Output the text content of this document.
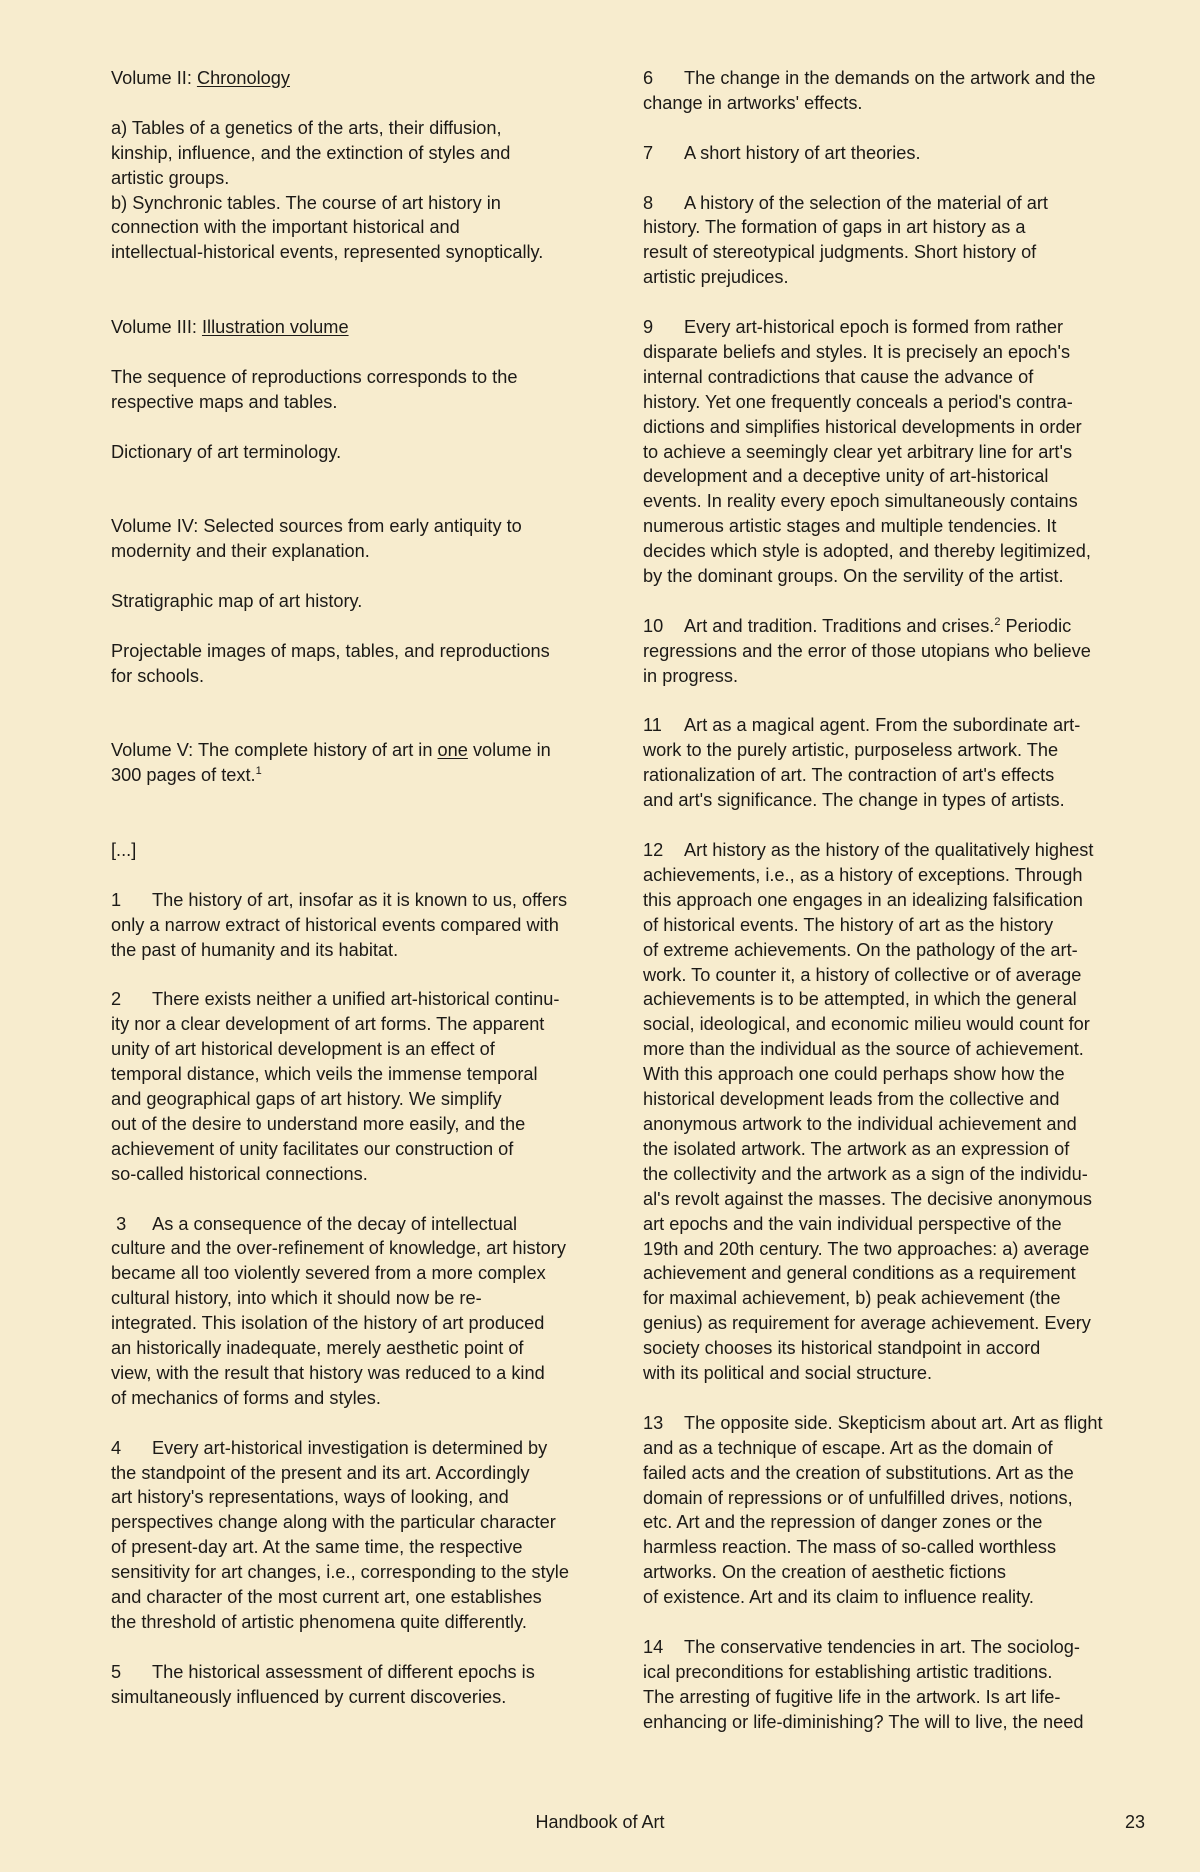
Volume II: Chronology

a) Tables of a genetics of the arts, their diffusion,
kinship, influence, and the extinction of styles and
artistic groups.

b) Synchronic tables. The course of art history in
connection with the important historical and
intellectual-historical events, represented synoptically.

Volume III: Illustration volume

The sequence of reproductions corresponds to the
respective maps and tables.

Dictionary of art terminology.

Volume IV: Selected sources from early antiquity to
modernity and their explanation.

Stratigraphic map of art history.

Projectable images of maps, tables, and reproductions
for schools.

Volume V: The complete history of art in one volume in
300 pages of text.$^1$

[...]

1 The history of art, insofar as it is known to us, offers
only a narrow extract of historical events compared with
the past of humanity and its habitat.

2 There exists neither a unified art-historical continu-
ity nor a clear development of art forms. The apparent
unity of art historical development is an effect of
temporal distance, which veils the immense temporal
and geographical gaps of art history. We simplify
out of the desire to understand more easily, and the
achievement of unity facilitates our construction of
so-called historical connections.

3 As a consequence of the decay of intellectual
culture and the over-refinement of knowledge, art history
became all too violently severed from a more complex
cultural history, into which it should now be re-
integrated. This isolation of the history of art produced
an historically inadequate, merely aesthetic point of
view, with the result that history was reduced to a kind
of mechanics of forms and styles.

4 Every art-historical investigation is determined by
the standpoint of the present and its art. Accordingly
art history's representations, ways of looking, and
perspectives change along with the particular character
of present-day art. At the same time, the respective
sensitivity for art changes, i.e., corresponding to the style
and character of the most current art, one establishes
the threshold of artistic phenomena quite differently.

5 The historical assessment of different epochs is
simultaneously influenced by current discoveries.

6 The change in the demands on the artwork and the
change in artworks' effects.

7 A short history of art theories.

8 A history of the selection of the material of art
history. The formation of gaps in art history as a
result of stereotypical judgments. Short history of
artistic prejudices.

9 Every art-historical epoch is formed from rather
disparate beliefs and styles. It is precisely an epoch's
internal contradictions that cause the advance of
history. Yet one frequently conceals a period's contra-
dictions and simplifies historical developments in order
to achieve a seemingly clear yet arbitrary line for art's
development and a deceptive unity of art-historical
events. In reality every epoch simultaneously contains
numerous artistic stages and multiple tendencies. It
decides which style is adopted, and thereby legitimized,
by the dominant groups. On the servility of the artist.

10 Art and tradition. Traditions and crises.$^2$ Periodic
regressions and the error of those utopians who believe
in progress.

11 Art as a magical agent. From the subordinate art-
work to the purely artistic, purposeless artwork. The
rationalization of art. The contraction of art's effects
and art's significance. The change in types of artists.

12 Art history as the history of the qualitatively highest
achievements, i.e., as a history of exceptions. Through
this approach one engages in an idealizing falsification
of historical events. The history of art as the history
of extreme achievements. On the pathology of the art-
work. To counter it, a history of collective or of average
achievements is to be attempted, in which the general
social, ideological, and economic milieu would count for
more than the individual as the source of achievement.
With this approach one could perhaps show how the
historical development leads from the collective and
anonymous artwork to the individual achievement and
the isolated artwork. The artwork as an expression of
the collectivity and the artwork as a sign of the individu-
al's revolt against the masses. The decisive anonymous
art epochs and the vain individual perspective of the
19th and 20th century. The two approaches: a) average
achievement and general conditions as a requirement
for maximal achievement, b) peak achievement (the
genius) as requirement for average achievement. Every
society chooses its historical standpoint in accord
with its political and social structure.

13 The opposite side. Skepticism about art. Art as flight
and as a technique of escape. Art as the domain of
failed acts and the creation of substitutions. Art as the
domain of repressions or of unfulfilled drives, notions,
etc. Art and the repression of danger zones or the
harmless reaction. The mass of so-called worthless
artworks. On the creation of aesthetic fictions
of existence. Art and its claim to influence reality.

14 The conservative tendencies in art. The sociolog-
ical preconditions for establishing artistic traditions.
The arresting of fugitive life in the artwork. Is art life-
enhancing or life-diminishing? The will to live, the need

Handbook of Art	23
